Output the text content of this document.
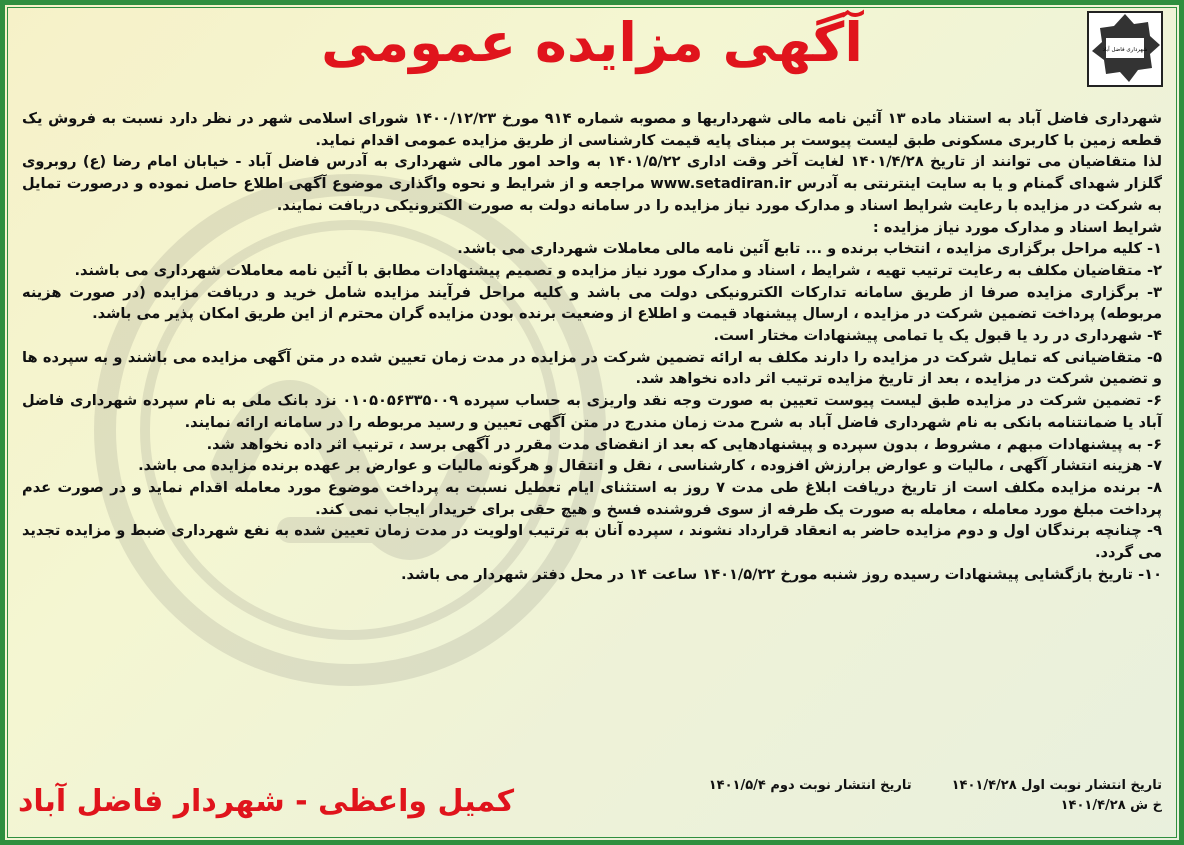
شهرداری فاضل آباد
آگهی مزایده عمومی

شهرداری فاضل آباد به استناد ماده ۱۳ آئین نامه مالی شهرداریها و مصوبه شماره ۹۱۴ مورخ ۱۴۰۰/۱۲/۲۳ شورای اسلامی شهر در نظر دارد نسبت به فروش یک قطعه زمین با کاربری مسکونی طبق لیست پیوست بر مبنای پایه قیمت کارشناسی از طریق مزایده عمومی اقدام نماید.

لذا متقاضیان می توانند از تاریخ ۱۴۰۱/۴/۲۸ لغایت آخر وقت اداری ۱۴۰۱/۵/۲۲ به واحد امور مالی شهرداری به آدرس فاضل آباد - خیابان امام رضا (ع) روبروی گلزار شهدای گمنام و یا به سایت اینترنتی به آدرس www.setadiran.ir مراجعه و از شرایط و نحوه واگذاری موضوع آگهی اطلاع حاصل نموده و درصورت تمایل به شرکت در مزایده با رعایت شرایط اسناد و مدارک مورد نیاز مزایده را در سامانه دولت به صورت الکترونیکی دریافت نمایند.

شرایط اسناد و مدارک مورد نیاز مزایده :

۱- کلیه مراحل برگزاری مزایده ، انتخاب برنده و ... تابع آئین نامه مالی معاملات شهرداری می باشد.

۲- متقاضیان مکلف به رعایت ترتیب تهیه ، شرایط ، اسناد و مدارک مورد نیاز مزایده و تصمیم پیشنهادات مطابق با آئین نامه معاملات شهرداری می باشند.

۳- برگزاری مزایده صرفا از طریق سامانه تدارکات الکترونیکی دولت می باشد و کلیه مراحل فرآیند مزایده شامل خرید و دریافت مزایده (در صورت هزینه مربوطه) پرداخت تضمین شرکت در مزایده ، ارسال پیشنهاد قیمت و اطلاع از وضعیت برنده بودن مزایده گران محترم از این طریق امکان پذیر می باشد.

۴- شهرداری در رد یا قبول یک یا تمامی پیشنهادات مختار است.

۵- متقاضیانی که تمایل شرکت در مزایده را دارند مکلف به ارائه تضمین شرکت در مزایده در مدت زمان تعیین شده در متن آگهی مزایده می باشند و به سپرده ها و تضمین شرکت در مزایده ، بعد از تاریخ مزایده ترتیب اثر داده نخواهد شد.

۶- تضمین شرکت در مزایده طبق لیست پیوست تعیین به صورت وجه نقد واریزی به حساب سپرده ۰۱۰۵۰۵۶۳۳۵۰۰۹ نزد بانک ملی به نام سپرده شهرداری فاضل آباد یا ضمانتنامه بانکی به نام شهرداری فاضل آباد به شرح مدت زمان مندرج در متن آگهی تعیین و رسید مربوطه را در سامانه ارائه نمایند.

۶- به پیشنهادات مبهم ، مشروط ، بدون سپرده و پیشنهادهایی که بعد از انقضای مدت مقرر در آگهی برسد ، ترتیب اثر داده نخواهد شد.

۷- هزینه انتشار آگهی ، مالیات و عوارض برارزش افزوده ، کارشناسی ، نقل و انتقال و هرگونه مالیات و عوارض بر عهده برنده مزایده می باشد.

۸- برنده مزایده مکلف است از تاریخ دریافت ابلاغ طی مدت ۷ روز به استثنای ایام تعطیل نسبت به پرداخت موضوع مورد معامله اقدام نماید و در صورت عدم پرداخت مبلغ مورد معامله ، معامله به صورت یک طرفه از سوی فروشنده فسخ و هیچ حقی برای خریدار ایجاب نمی کند.

۹- چنانچه برندگان اول و دوم مزایده حاضر به انعقاد قرارداد نشوند ، سپرده آنان به ترتیب اولویت در مدت زمان تعیین شده به نفع شهرداری ضبط و مزایده تجدید می گردد.

۱۰- تاریخ بازگشایی پیشنهادات رسیده روز شنبه مورخ ۱۴۰۱/۵/۲۲ ساعت ۱۴ در محل دفتر شهردار می باشد.

تاریخ انتشار نوبت اول ۱۴۰۱/۴/۲۸
تاریخ انتشار نوبت دوم ۱۴۰۱/۵/۴
خ ش ۱۴۰۱/۴/۲۸
کمیل واعظی - شهردار فاضل آباد
